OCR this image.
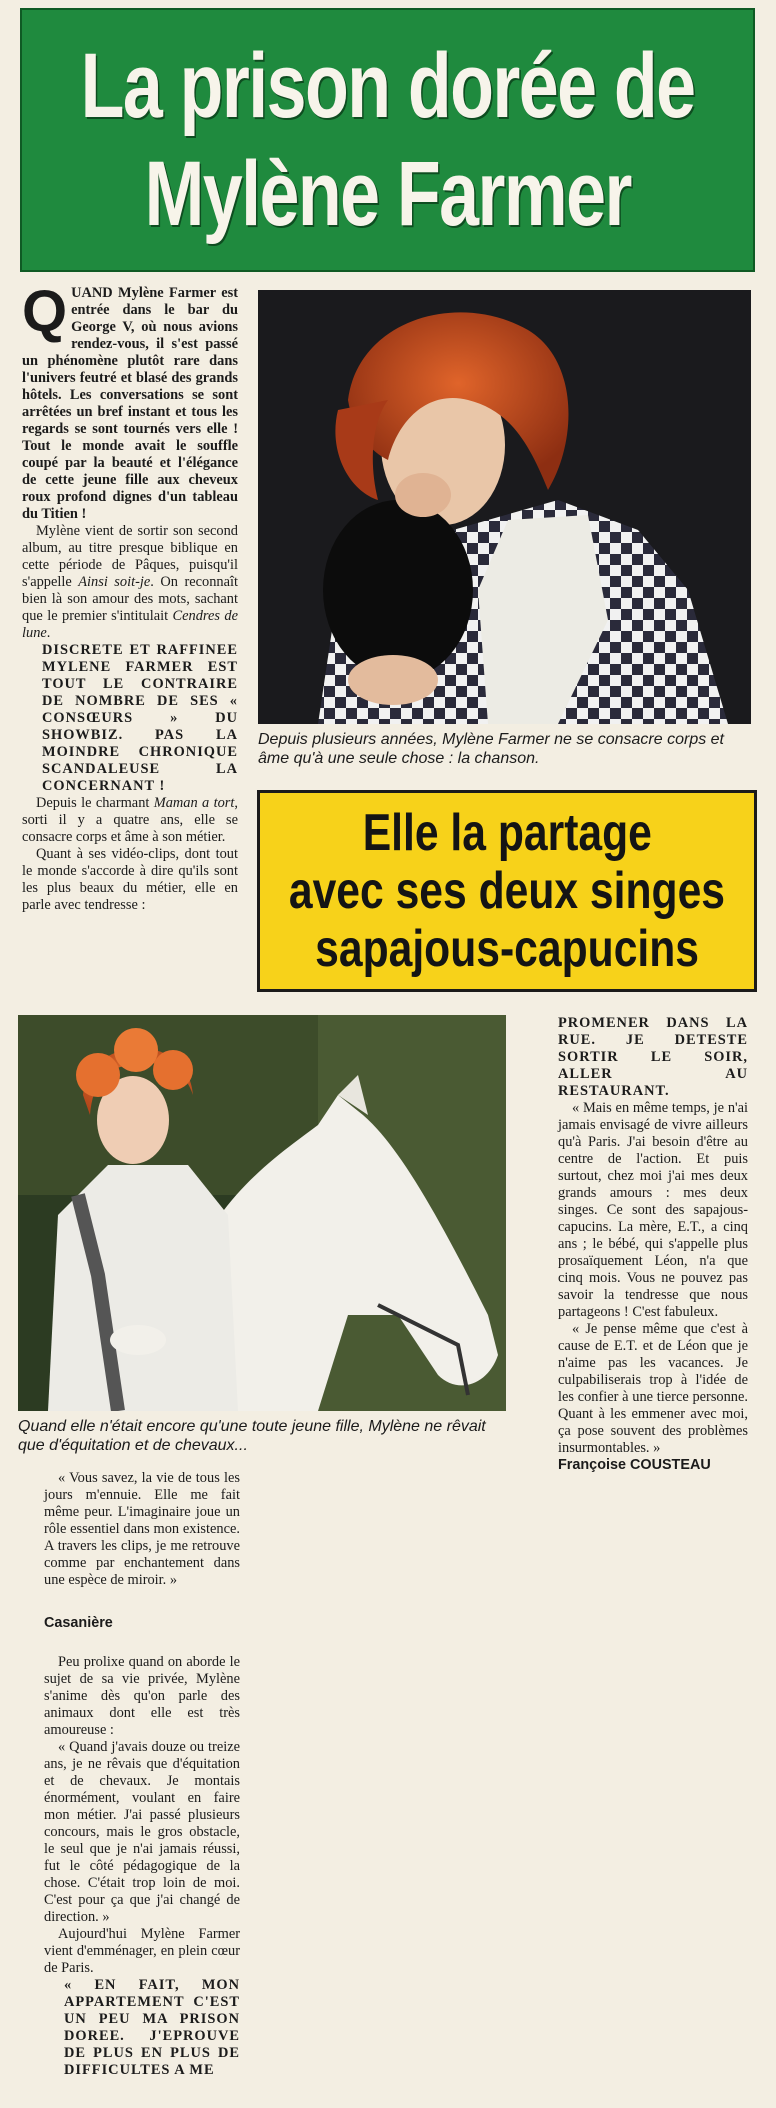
La prison dorée de
Mylène Farmer

QUAND Mylène Farmer est entrée dans le bar du George V, où nous avions rendez-vous, il s'est passé un phénomène plutôt rare dans l'univers feutré et blasé des grands hôtels. Les conversations se sont arrêtées un bref instant et tous les regards se sont tournés vers elle ! Tout le monde avait le souffle coupé par la beauté et l'élégance de cette jeune fille aux cheveux roux profond dignes d'un tableau du Titien !

Mylène vient de sortir son second album, au titre presque biblique en cette période de Pâques, puisqu'il s'appelle Ainsi soit-je. On reconnaît bien là son amour des mots, sachant que le premier s'intitulait Cendres de lune.

DISCRETE ET RAFFINEE MYLENE FARMER EST TOUT LE CONTRAIRE DE NOMBRE DE SES « CONSŒURS » DU SHOWBIZ. PAS LA MOINDRE CHRONIQUE SCANDALEUSE LA CONCERNANT !

Depuis le charmant Maman a tort, sorti il y a quatre ans, elle se consacre corps et âme à son métier.

Quant à ses vidéo-clips, dont tout le monde s'accorde à dire qu'ils sont les plus beaux du métier, elle en parle avec tendresse :

Depuis plusieurs années, Mylène Farmer ne se consacre corps et âme qu'à une seule chose : la chanson.

Elle la partage
avec ses deux singes
sapajous-capucins

Quand elle n'était encore qu'une toute jeune fille, Mylène ne rêvait que d'équitation et de chevaux...

PROMENER DANS LA RUE. JE DETESTE SORTIR LE SOIR, ALLER AU RESTAURANT.

« Mais en même temps, je n'ai jamais envisagé de vivre ailleurs qu'à Paris. J'ai besoin d'être au centre de l'action. Et puis surtout, chez moi j'ai mes deux grands amours : mes deux singes. Ce sont des sapajous-capucins. La mère, E.T., a cinq ans ; le bébé, qui s'appelle plus prosaïquement Léon, n'a que cinq mois. Vous ne pouvez pas savoir la tendresse que nous partageons ! C'est fabuleux.

« Je pense même que c'est à cause de E.T. et de Léon que je n'aime pas les vacances. Je culpabiliserais trop à l'idée de les confier à une tierce personne. Quant à les emmener avec moi, ça pose souvent des problèmes insurmontables. »

Françoise COUSTEAU

« Vous savez, la vie de tous les jours m'ennuie. Elle me fait même peur. L'imaginaire joue un rôle essentiel dans mon existence. A travers les clips, je me retrouve comme par enchantement dans une espèce de miroir. »

Casanière

Peu prolixe quand on aborde le sujet de sa vie privée, Mylène s'anime dès qu'on parle des animaux dont elle est très amoureuse :

« Quand j'avais douze ou treize ans, je ne rêvais que d'équitation et de chevaux. Je montais énormément, voulant en faire mon métier. J'ai passé plusieurs concours, mais le gros obstacle, le seul que je n'ai jamais réussi, fut le côté pédagogique de la chose. C'était trop loin de moi. C'est pour ça que j'ai changé de direction. »

Aujourd'hui Mylène Farmer vient d'emménager, en plein cœur de Paris.

« EN FAIT, MON APPARTEMENT C'EST UN PEU MA PRISON DOREE. J'EPROUVE DE PLUS EN PLUS DE DIFFICULTES A ME
